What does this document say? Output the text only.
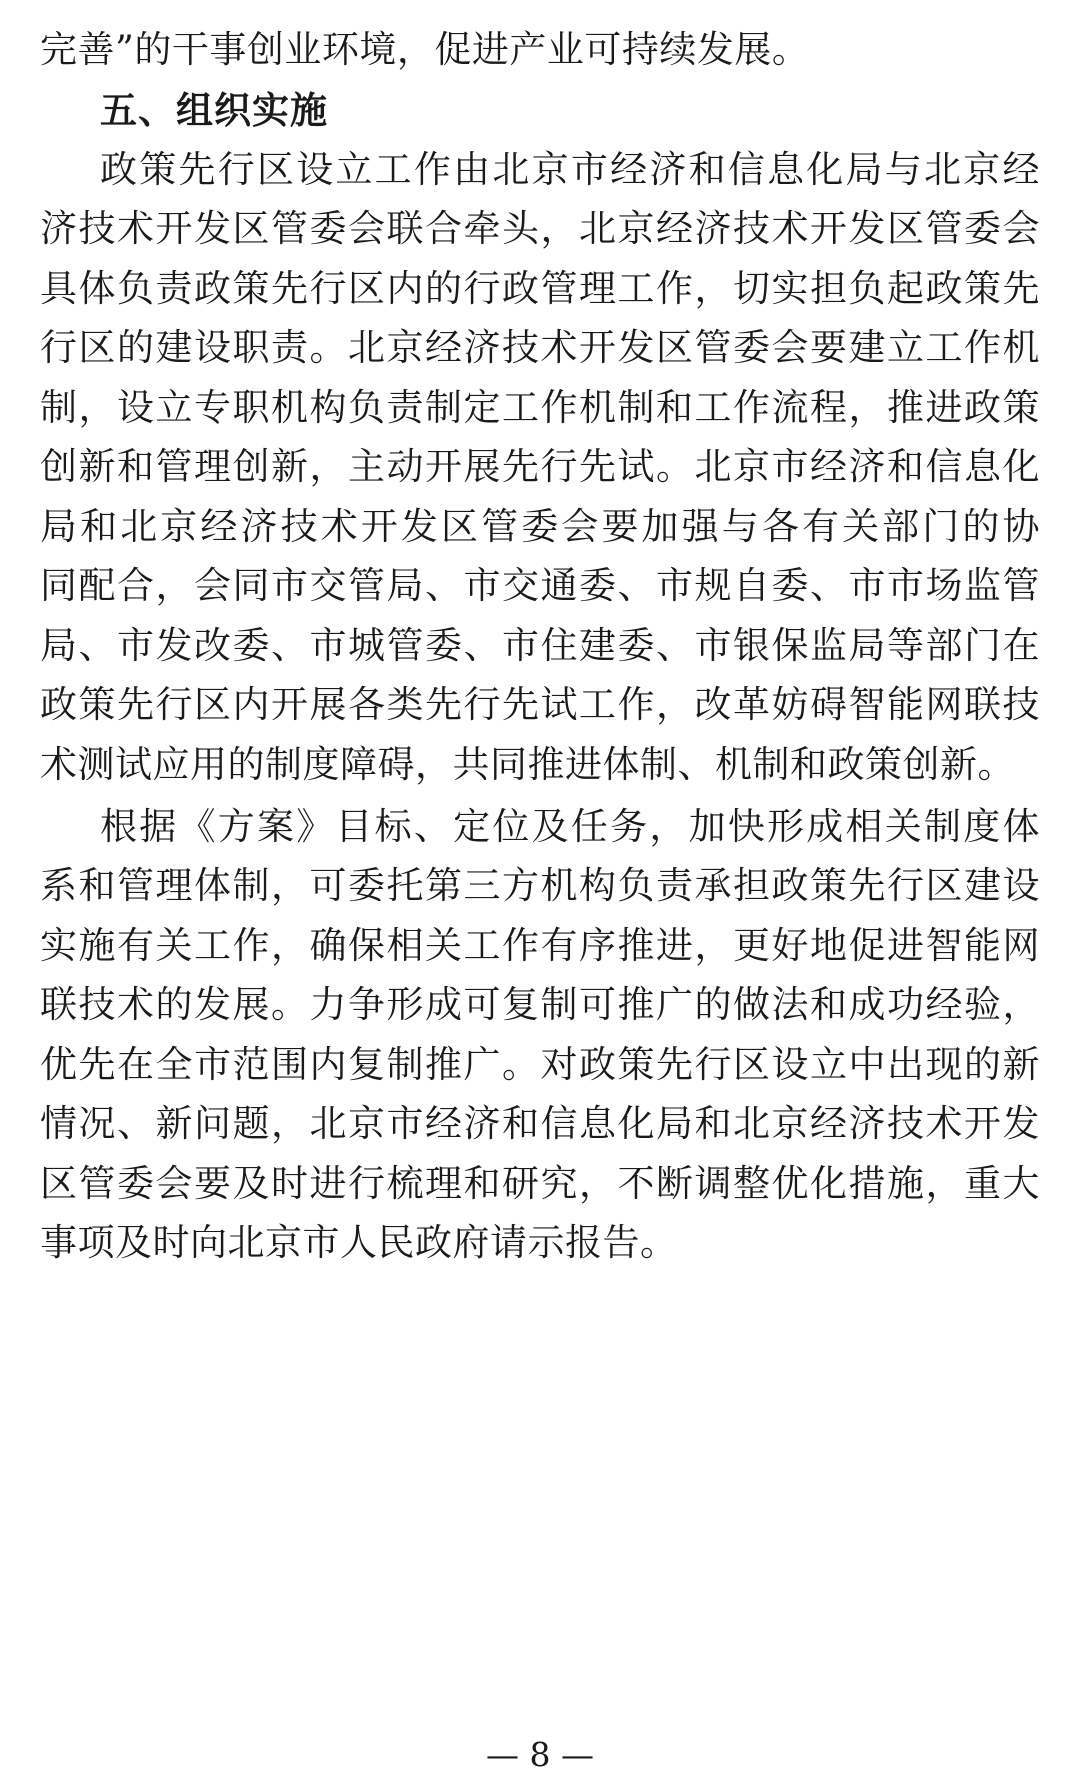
完善”的干事创业环境，促进产业可持续发展。
五、组织实施
政策先行区设立工作由北京市经济和信息化局与北京经
济技术开发区管委会联合牵头，北京经济技术开发区管委会
具体负责政策先行区内的行政管理工作，切实担负起政策先
行区的建设职责。北京经济技术开发区管委会要建立工作机
制，设立专职机构负责制定工作机制和工作流程，推进政策
创新和管理创新，主动开展先行先试。北京市经济和信息化
局和北京经济技术开发区管委会要加强与各有关部门的协
同配合，会同市交管局、市交通委、市规自委、市市场监管
局、市发改委、市城管委、市住建委、市银保监局等部门在
政策先行区内开展各类先行先试工作，改革妨碍智能网联技
术测试应用的制度障碍，共同推进体制、机制和政策创新。
根据《方案》目标、定位及任务，加快形成相关制度体
系和管理体制，可委托第三方机构负责承担政策先行区建设
实施有关工作，确保相关工作有序推进，更好地促进智能网
联技术的发展。力争形成可复制可推广的做法和成功经验，
优先在全市范围内复制推广。对政策先行区设立中出现的新
情况、新问题，北京市经济和信息化局和北京经济技术开发
区管委会要及时进行梳理和研究，不断调整优化措施，重大
事项及时向北京市人民政府请示报告。
— 8 —
